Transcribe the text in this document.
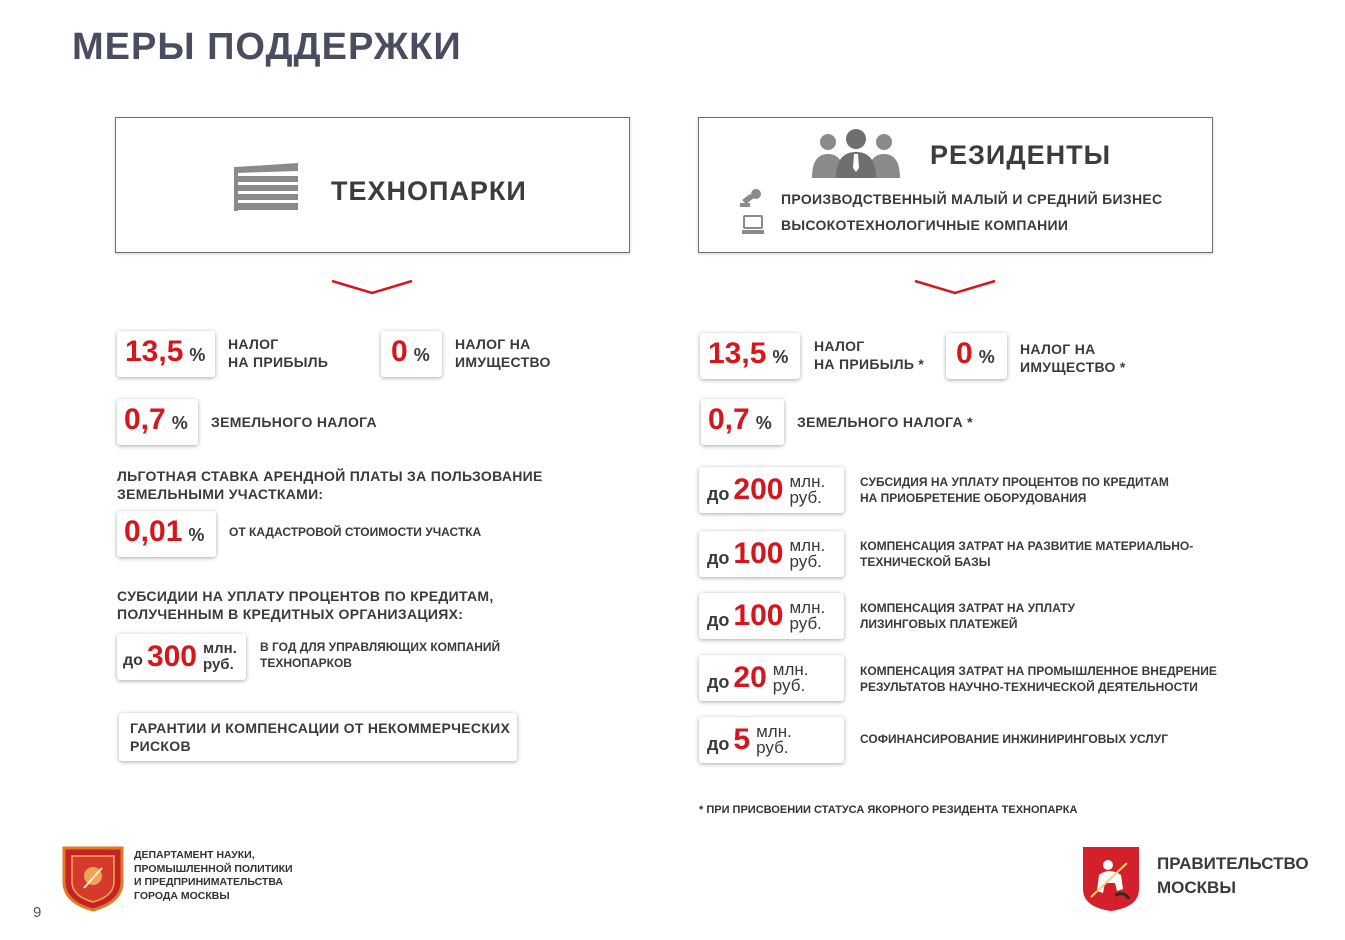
МЕРЫ ПОДДЕРЖКИ
ТЕХНОПАРКИ
РЕЗИДЕНТЫ
ПРОИЗВОДСТВЕННЫЙ МАЛЫЙ И СРЕДНИЙ БИЗНЕС
ВЫСОКОТЕХНОЛОГИЧНЫЕ КОМПАНИИ
13,5 %
НАЛОГ
НА ПРИБЫЛЬ 0 %
НАЛОГ НА
ИМУЩЕСТВО
0,7 % ЗЕМЕЛЬНОГО НАЛОГА
ЛЬГОТНАЯ СТАВКА АРЕНДНОЙ ПЛАТЫ ЗА ПОЛЬЗОВАНИЕ
ЗЕМЕЛЬНЫМИ УЧАСТКАМИ:
0,01 % ОТ КАДАСТРОВОЙ СТОИМОСТИ УЧАСТКА
СУБСИДИИ НА УПЛАТУ ПРОЦЕНТОВ ПО КРЕДИТАМ,
ПОЛУЧЕННЫМ В КРЕДИТНЫХ ОРГАНИЗАЦИЯХ:
до 300 млн.
руб.
В ГОД ДЛЯ УПРАВЛЯЮЩИХ КОМПАНИЙ
ТЕХНОПАРКОВ
ГАРАНТИИ И КОМПЕНСАЦИИ ОТ НЕКОММЕРЧЕСКИХ
РИСКОВ
13,5 %
НАЛОГ
НА ПРИБЫЛЬ * 0 % НАЛОГ НА
ИМУЩЕСТВО *
0,7 % ЗЕМЕЛЬНОГО НАЛОГА *
до 200 млн.
руб.
СУБСИДИЯ НА УПЛАТУ ПРОЦЕНТОВ ПО КРЕДИТАМ
НА ПРИОБРЕТЕНИЕ ОБОРУДОВАНИЯ
до 100 млн.
руб.
КОМПЕНСАЦИЯ ЗАТРАТ НА РАЗВИТИЕ МАТЕРИАЛЬНО-
ТЕХНИЧЕСКОЙ БАЗЫ
до 100 млн.
руб.
КОМПЕНСАЦИЯ ЗАТРАТ НА УПЛАТУ
ЛИЗИНГОВЫХ ПЛАТЕЖЕЙ
до 20 млн.
руб.
КОМПЕНСАЦИЯ ЗАТРАТ НА ПРОМЫШЛЕННОЕ ВНЕДРЕНИЕ
РЕЗУЛЬТАТОВ НАУЧНО-ТЕХНИЧЕСКОЙ ДЕЯТЕЛЬНОСТИ
до 5 млн.
руб.	СОФИНАНСИРОВАНИЕ ИНЖИНИРИНГОВЫХ УСЛУГ
* ПРИ ПРИСВОЕНИИ СТАТУСА ЯКОРНОГО РЕЗИДЕНТА ТЕХНОПАРКА
ДЕПАРТАМЕНТ НАУКИ,
ПРОМЫШЛЕННОЙ ПОЛИТИКИ
И ПРЕДПРИНИМАТЕЛЬСТВА
ГОРОДА МОСКВЫ
9
ПРАВИТЕЛЬСТВО
МОСКВЫ
